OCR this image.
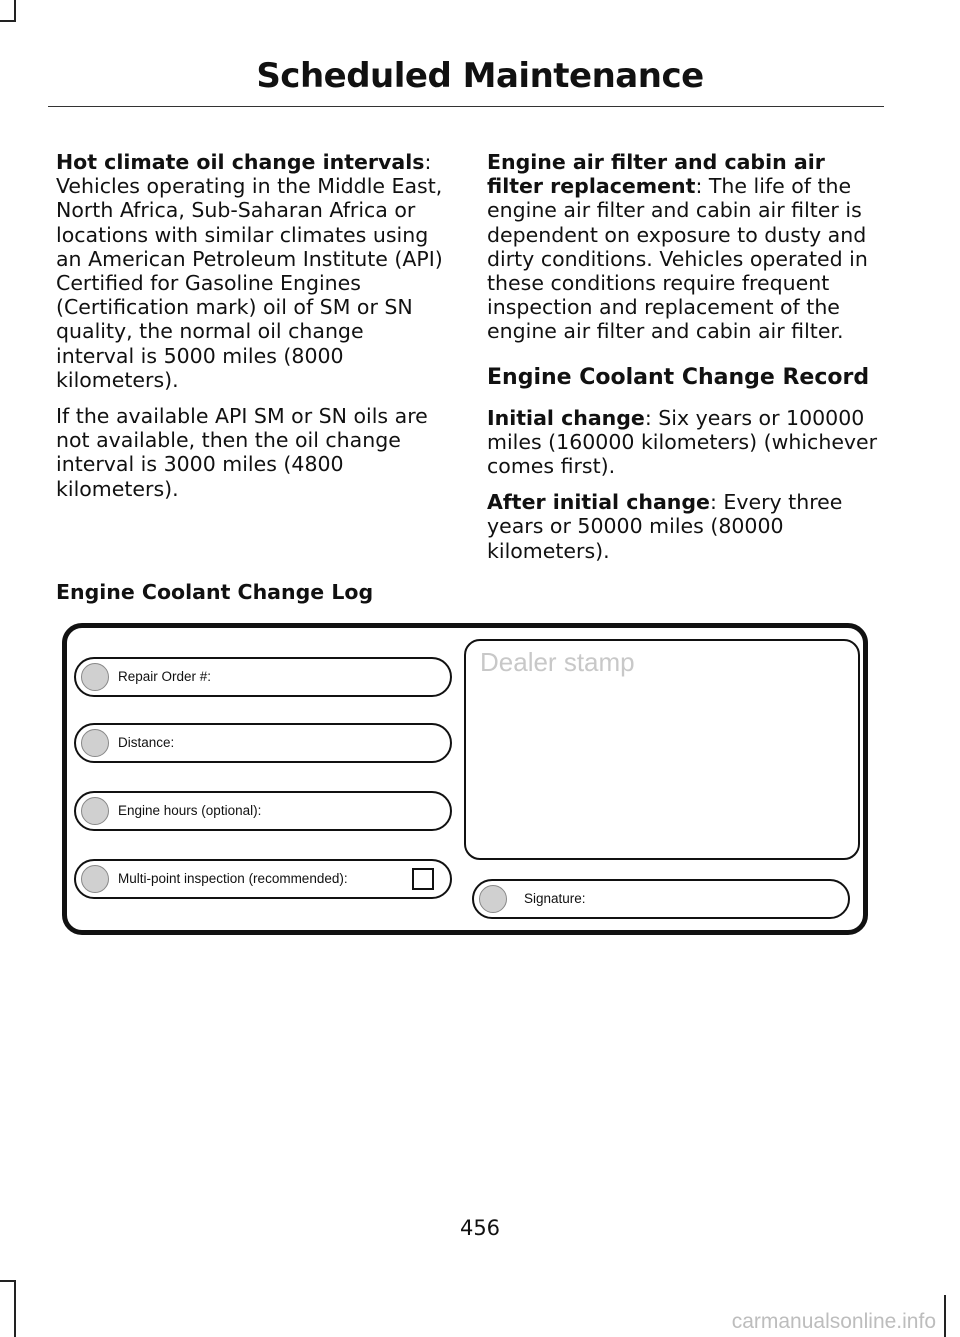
Scheduled Maintenance

Hot climate oil change intervals: Vehicles operating in the Middle East, North Africa, Sub-Saharan Africa or locations with similar climates using an American Petroleum Institute (API) Certified for Gasoline Engines (Certification mark) oil of SM or SN quality, the normal oil change interval is 5000 miles (8000 kilometers).

If the available API SM or SN oils are not available, then the oil change interval is 3000 miles (4800 kilometers).

Engine air filter and cabin air filter replacement: The life of the engine air filter and cabin air filter is dependent on exposure to dusty and dirty conditions. Vehicles operated in these conditions require frequent inspection and replacement of the engine air filter and cabin air filter.

Engine Coolant Change Record

Initial change: Six years or 100000 miles (160000 kilometers) (whichever comes first).

After initial change: Every three years or 50000 miles (80000 kilometers).

Engine Coolant Change Log
Repair Order #:
Distance:
Engine hours (optional):
Multi-point inspection (recommended):
Dealer stamp
Signature:
456
carmanualsonline.info
